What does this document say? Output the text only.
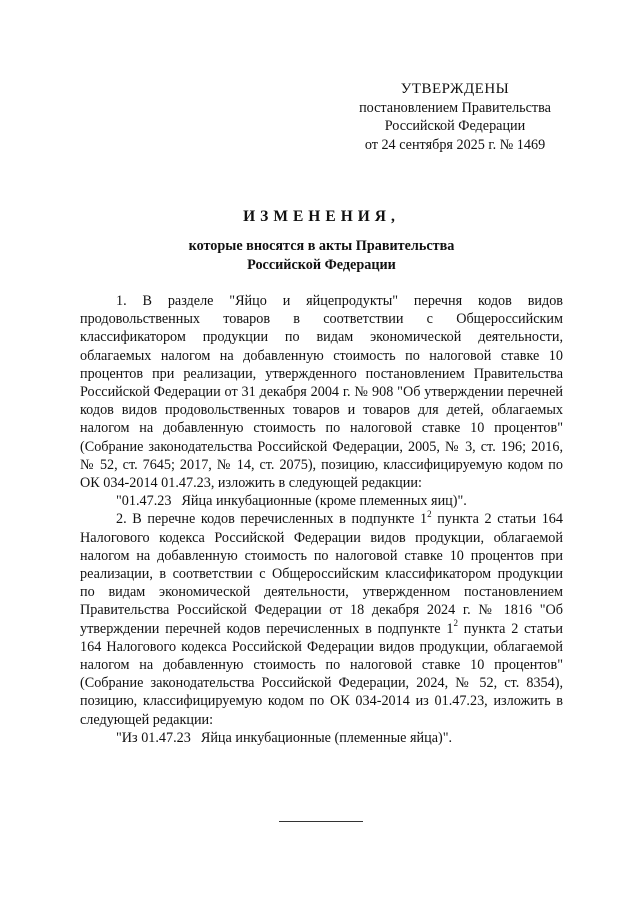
УТВЕРЖДЕНЫ
постановлением Правительства
Российской Федерации
от 24 сентября 2025 г. № 1469
ИЗМЕНЕНИЯ,
которые вносятся в акты Правительства
Российской Федерации

1. В разделе "Яйцо и яйцепродукты" перечня кодов видов продовольственных товаров в соответствии с Общероссийским классификатором продукции по видам экономической деятельности, облагаемых налогом на добавленную стоимость по налоговой ставке 10 процентов при реализации, утвержденного постановлением Правительства Российской Федерации от 31 декабря 2004 г. № 908 "Об утверждении перечней кодов видов продовольственных товаров и товаров для детей, облагаемых налогом на добавленную стоимость по налоговой ставке 10 процентов" (Собрание законодательства Российской Федерации, 2005, № 3, ст. 196; 2016, № 52, ст. 7645; 2017, № 14, ст. 2075), позицию, классифицируемую кодом по ОК 034-2014 01.47.23, изложить в следующей редакции:

"01.47.23 Яйца инкубационные (кроме племенных яиц)".

2. В перечне кодов перечисленных в подпункте $1^2$ пункта 2 статьи 164 Налогового кодекса Российской Федерации видов продукции, облагаемой налогом на добавленную стоимость по налоговой ставке 10 процентов при реализации, в соответствии с Общероссийским классификатором продукции по видам экономической деятельности, утвержденном постановлением Правительства Российской Федерации от 18 декабря 2024 г. № 1816 "Об утверждении перечней кодов перечисленных в подпункте $1^2$ пункта 2 статьи 164 Налогового кодекса Российской Федерации видов продукции, облагаемой налогом на добавленную стоимость по налоговой ставке 10 процентов" (Собрание законодательства Российской Федерации, 2024, № 52, ст. 8354), позицию, классифицируемую кодом по ОК 034-2014 из 01.47.23, изложить в следующей редакции:

"Из 01.47.23 Яйца инкубационные (племенные яйца)".
